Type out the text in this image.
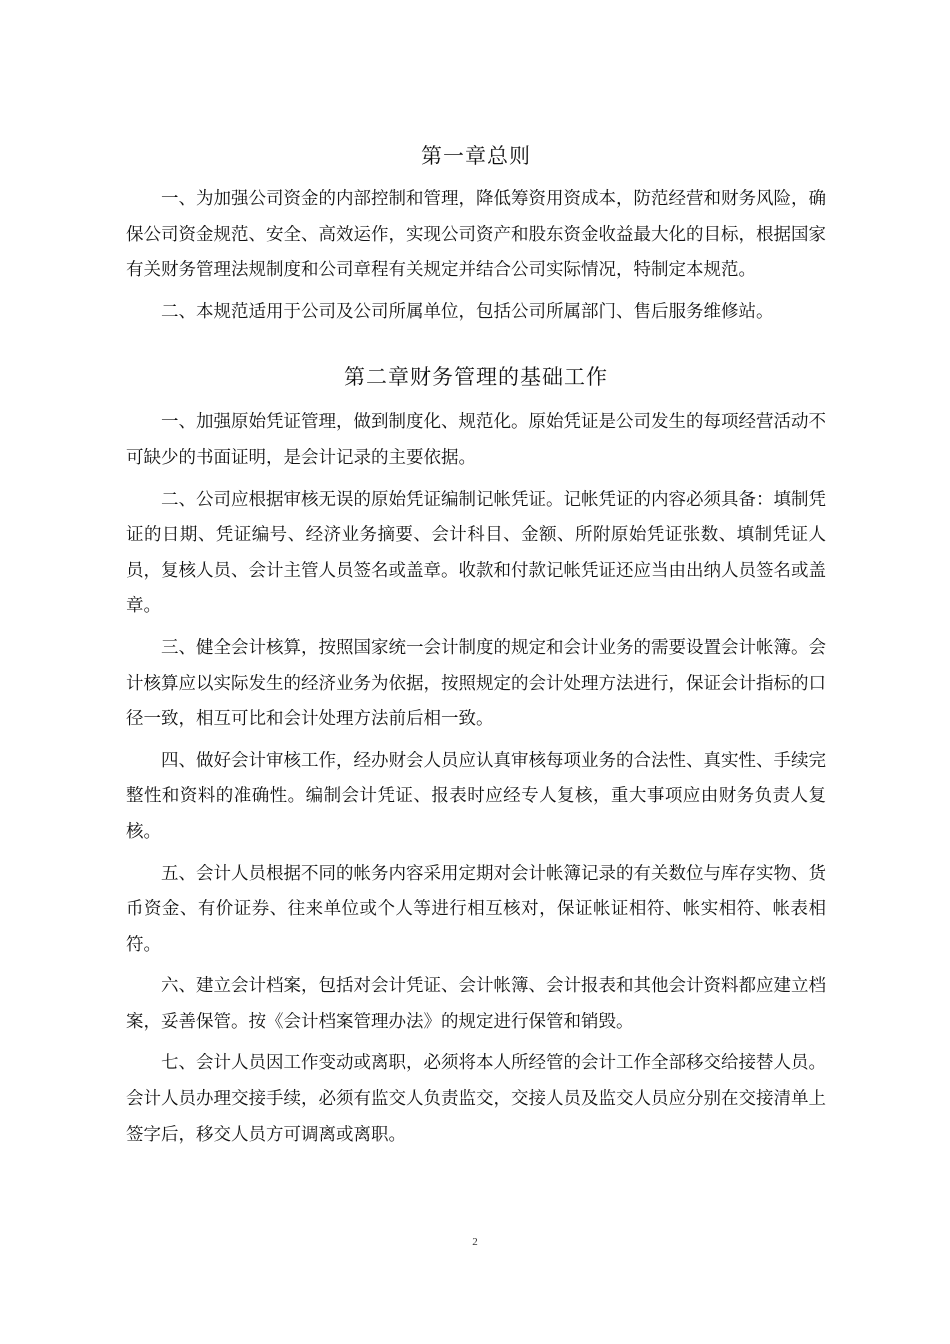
第一章总则

一、为加强公司资金的内部控制和管理，降低筹资用资成本，防范经营和财务风险，确保公司资金规范、安全、高效运作，实现公司资产和股东资金收益最大化的目标，根据国家有关财务管理法规制度和公司章程有关规定并结合公司实际情况，特制定本规范。

二、本规范适用于公司及公司所属单位，包括公司所属部门、售后服务维修站。

第二章财务管理的基础工作

一、加强原始凭证管理，做到制度化、规范化。原始凭证是公司发生的每项经营活动不可缺少的书面证明，是会计记录的主要依据。

二、公司应根据审核无误的原始凭证编制记帐凭证。记帐凭证的内容必须具备：填制凭证的日期、凭证编号、经济业务摘要、会计科目、金额、所附原始凭证张数、填制凭证人员，复核人员、会计主管人员签名或盖章。收款和付款记帐凭证还应当由出纳人员签名或盖章。

三、健全会计核算，按照国家统一会计制度的规定和会计业务的需要设置会计帐簿。会计核算应以实际发生的经济业务为依据，按照规定的会计处理方法进行，保证会计指标的口径一致，相互可比和会计处理方法前后相一致。

四、做好会计审核工作，经办财会人员应认真审核每项业务的合法性、真实性、手续完整性和资料的准确性。编制会计凭证、报表时应经专人复核，重大事项应由财务负责人复核。

五、会计人员根据不同的帐务内容采用定期对会计帐簿记录的有关数位与库存实物、货币资金、有价证券、往来单位或个人等进行相互核对，保证帐证相符、帐实相符、帐表相符。

六、建立会计档案，包括对会计凭证、会计帐簿、会计报表和其他会计资料都应建立档案，妥善保管。按《会计档案管理办法》的规定进行保管和销毁。

七、会计人员因工作变动或离职，必须将本人所经管的会计工作全部移交给接替人员。会计人员办理交接手续，必须有监交人负责监交，交接人员及监交人员应分别在交接清单上签字后，移交人员方可调离或离职。

2
